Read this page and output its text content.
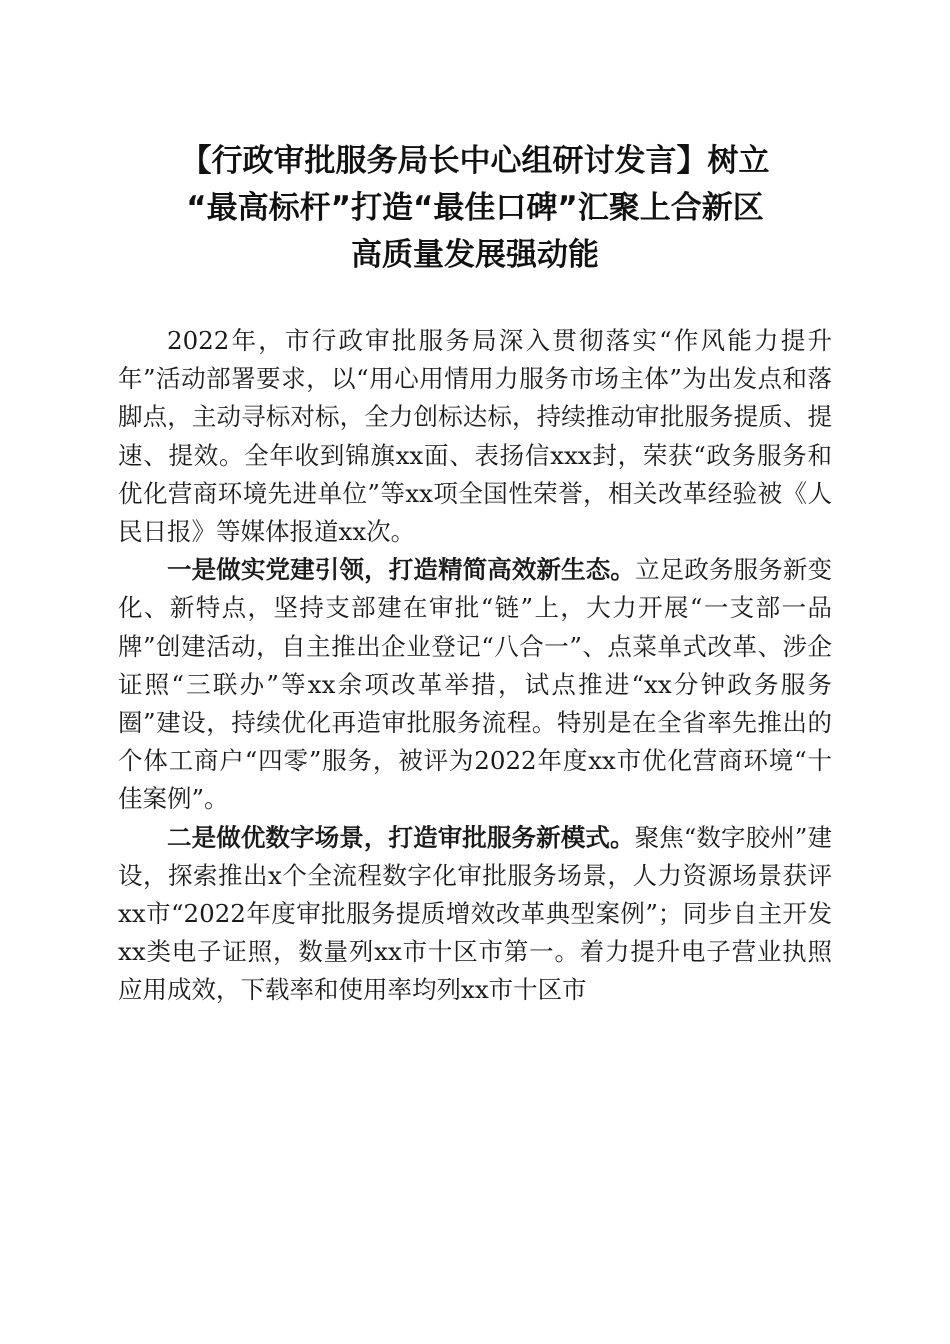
【行政审批服务局长中心组研讨发言】树立
“最高标杆”打造“最佳口碑”汇聚上合新区
高质量发展强动能

2022年，市行政审批服务局深入贯彻落实“作风能力提升年”活动部署要求，以“用心用情用力服务市场主体”为出发点和落脚点，主动寻标对标，全力创标达标，持续推动审批服务提质、提速、提效。全年收到锦旗xx面、表扬信xxx封，荣获“政务服务和优化营商环境先进单位”等xx项全国性荣誉，相关改革经验被《人民日报》等媒体报道xx次。

一是做实党建引领，打造精简高效新生态。立足政务服务新变化、新特点，坚持支部建在审批“链”上，大力开展“一支部一品牌”创建活动，自主推出企业登记“八合一”、点菜单式改革、涉企证照“三联办”等xx余项改革举措，试点推进“xx分钟政务服务圈”建设，持续优化再造审批服务流程。特别是在全省率先推出的个体工商户“四零”服务，被评为2022年度xx市优化营商环境“十佳案例”。

二是做优数字场景，打造审批服务新模式。聚焦“数字胶州”建设，探索推出x个全流程数字化审批服务场景，人力资源场景获评xx市“2022年度审批服务提质增效改革典型案例”；同步自主开发xx类电子证照，数量列xx市十区市第一。着力提升电子营业执照应用成效，下载率和使用率均列xx市十区市
